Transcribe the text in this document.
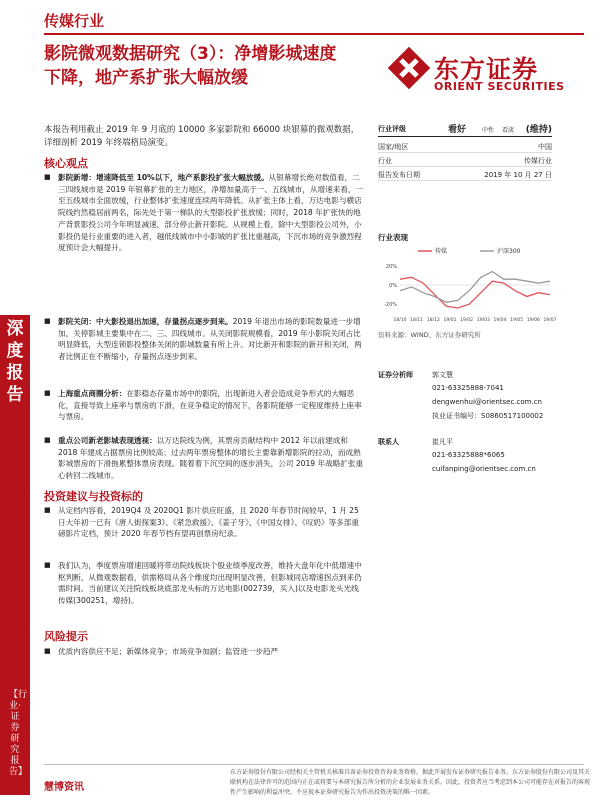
传媒行业
影院微观数据研究（3）：净增影城速度
下降，地产系扩张大幅放缓	东方证券
ORIENT SECURITIES
本报告利用截止 2019 年 9 月底的 10000 多家影院和 66000 块银幕的微观数据，详细剖析 2019 年终端格局演变。
核心观点
■ 影院新增：增速降低至 10%以下，地产系影投扩张大幅放缓。从银幕增长绝对数值看，二三四线城市是 2019 年银幕扩张的主力地区，净增加量高于一、五线城市，从增速来看，一至五线城市全面放缓，行业整体扩张速度连续两年降低。从扩张主体上看，万达电影与横店院线约然稳居前两名，际先处于第一梯队的大型影投扩张放缓；同时，2018 年扩张快的地产背景影投公司今年明显减速，部分停止新开影院。从规模上看，除中大型影投公司外，小影投仍是行业重要的进入者，越低线城市中小影城的扩张比重越高，下沉市场的竞争激烈程度预计会大幅提升。
■ 影院关闭：中大影投退出加速，存量拐点逐步到来。2019 年退出市场的影院数量进一步增加，关停影城主要集中在二、三、四线城市。从关闭影院规模看，2019 年小影院关闭占比明显降低，大型连锁影投整体关闭的影城数量有所上升。对比新开和影院的新开和关闭，两者比例正在不断缩小，存量拐点逐步到来。
■ 上海重点商圈分析：在影稳态存量市场中的影院，出现新进入者会造成竞争形式的大幅恶化，直接导致上座率与票房的下滑，在竞争稳定的情况下，各影院能够一定程度维持上座率与票房。
■ 重点公司新老影城表现透视：以万达院线为例，其票房贡献结构中 2012 年以前建成和 2018 年建成占据票房比例较高；过去两年票房整体的增长主要靠新增影院的拉动，而成熟影城票房的下滑拖累整体票房表现。随着着下沉空间的逐步消失，公司 2019 年战略扩张重心转回二线城市。
投资建议与投资标的
■ 从定档内容看，2019Q4 及 2020Q1 影片供应旺盛，且 2020 年春节时间较早，1 月 25 日大年初一已有《唐人街探案3》、《紧急救援》、《姜子牙》、《中国女排》、《叹奶》等多部重磅影片定档，预计 2020 年春节档有望再创票房纪录。
■ 我们认为，季度票房增速回暖将带动院线板块个股业绩季度改善，维持大盘年化中低增速中枢判断，从微观数据看，供需格局从各个维度均出现明显改善，但影城同店增速拐点到来仍需时间。当前建议关注院线板块底部龙头标的万达电影(002739，买入)以及电影龙头光线传媒(300251，增持)。
风险提示
■ 优质内容供应不足；新媒体竞争；市场竞争加剧；监管进一步趋严
深度报告
【行业·证券研究报告】
行业评级	看好	中性 看淡 (维持)
国家/地区	中国
行业	传媒行业
报告发布日期	2019 年 10 月 27 日
行业表现
-20%
0%
20%
传媒	沪深300
18/10 18/11 18/12 19/01 19/02 19/03 19/04 19/05 19/06 19/07
资料来源：WIND、东方证券研究所
证券分析师	郭文慧
021-63325888-7041
dengwenhui@orientsec.com.cn
执业证书编号：S0860517100002
联系人	崔凡平
021-63325888*6065
cuifanping@orientsec.com.cn
东方证券股份有限公司经相关主管机关核准具备证券投资咨询业务资格，据此开展发布证券研究报告业务。东方证券股份有限公司及其关联机构在法律许可的范围内正在或将要与本研究报告所分析的企业发展业务关系。因此，投资者应当考虑到本公司可能存在对报告的客观性产生影响的利益冲突，不应视本证券研究报告为作出投资决策的唯一因素。
慧博资讯
